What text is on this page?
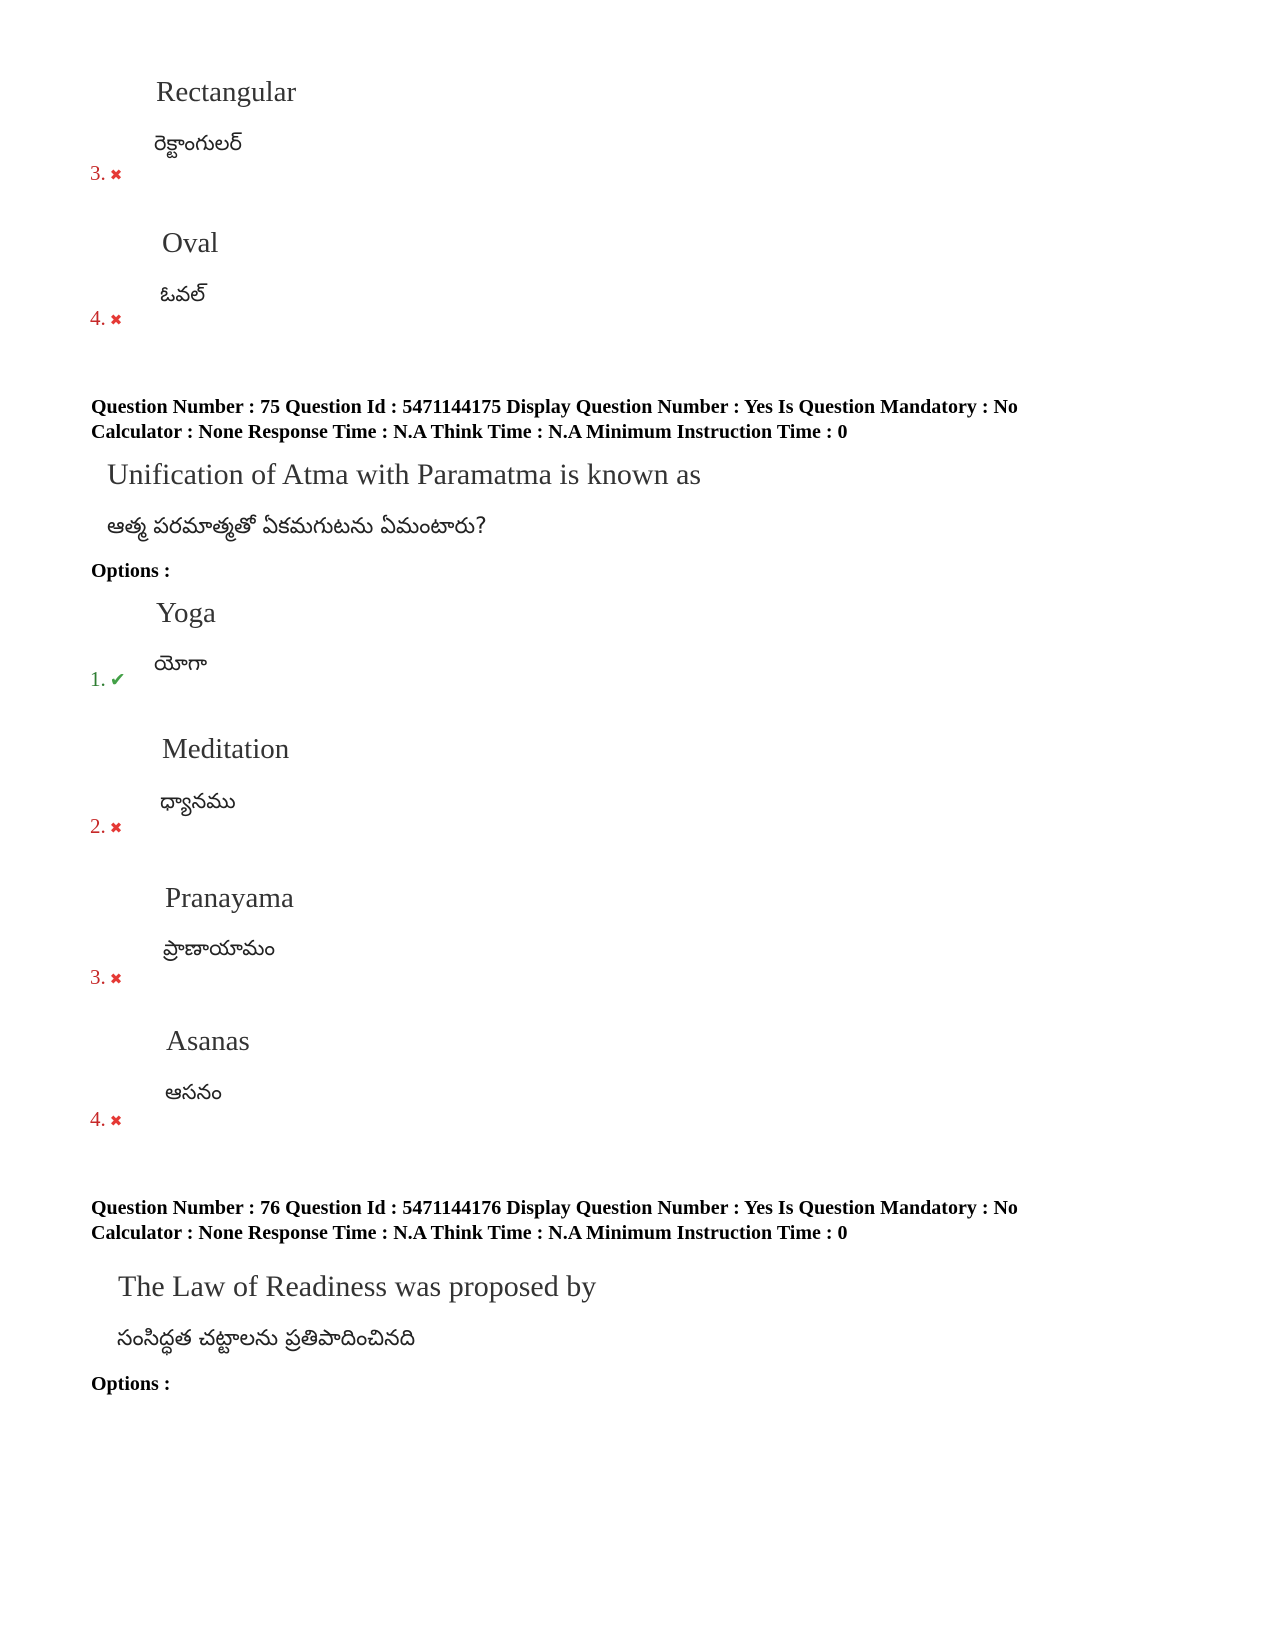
Rectangular
రెక్టాంగులర్
3. ✖
Oval
ఓవల్
4. ✖
Question Number : 75 Question Id : 5471144175 Display Question Number : Yes Is Question Mandatory : No
Calculator : None Response Time : N.A Think Time : N.A Minimum Instruction Time : 0
Unification of Atma with Paramatma is known as
ఆత్మ పరమాత్మతో ఏకమగుటను ఏమంటారు?
Options :
Yoga
యోగా
1. ✔
Meditation
ధ్యానము
2. ✖
Pranayama
ప్రాణాయామం
3. ✖
Asanas
ఆసనం
4. ✖
Question Number : 76 Question Id : 5471144176 Display Question Number : Yes Is Question Mandatory : No
Calculator : None Response Time : N.A Think Time : N.A Minimum Instruction Time : 0
The Law of Readiness was proposed by
సంసిద్ధత చట్టాలను ప్రతిపాదించినది
Options :
